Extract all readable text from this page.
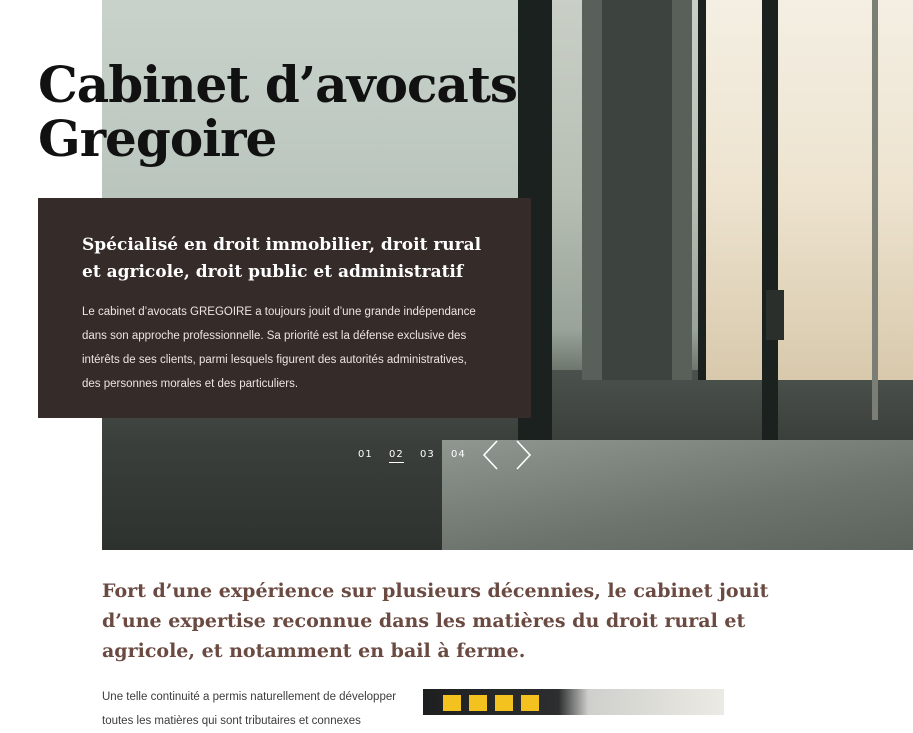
Cabinet d’avocats
Gregoire
Spécialisé en droit immobilier, droit rural
et agricole, droit public et administratif

Le cabinet d’avocats GREGOIRE a toujours jouit d’une grande indépendance
dans son approche professionnelle. Sa priorité est la défense exclusive des
intérêts de ses clients, parmi lesquels figurent des autorités administratives,
des personnes morales et des particuliers.

01 02 03 04
Fort d’une expérience sur plusieurs décennies, le cabinet jouit
d’une expertise reconnue dans les matières du droit rural et
agricole, et notamment en bail à ferme.

Une telle continuité a permis naturellement de développer
toutes les matières qui sont tributaires et connexes
